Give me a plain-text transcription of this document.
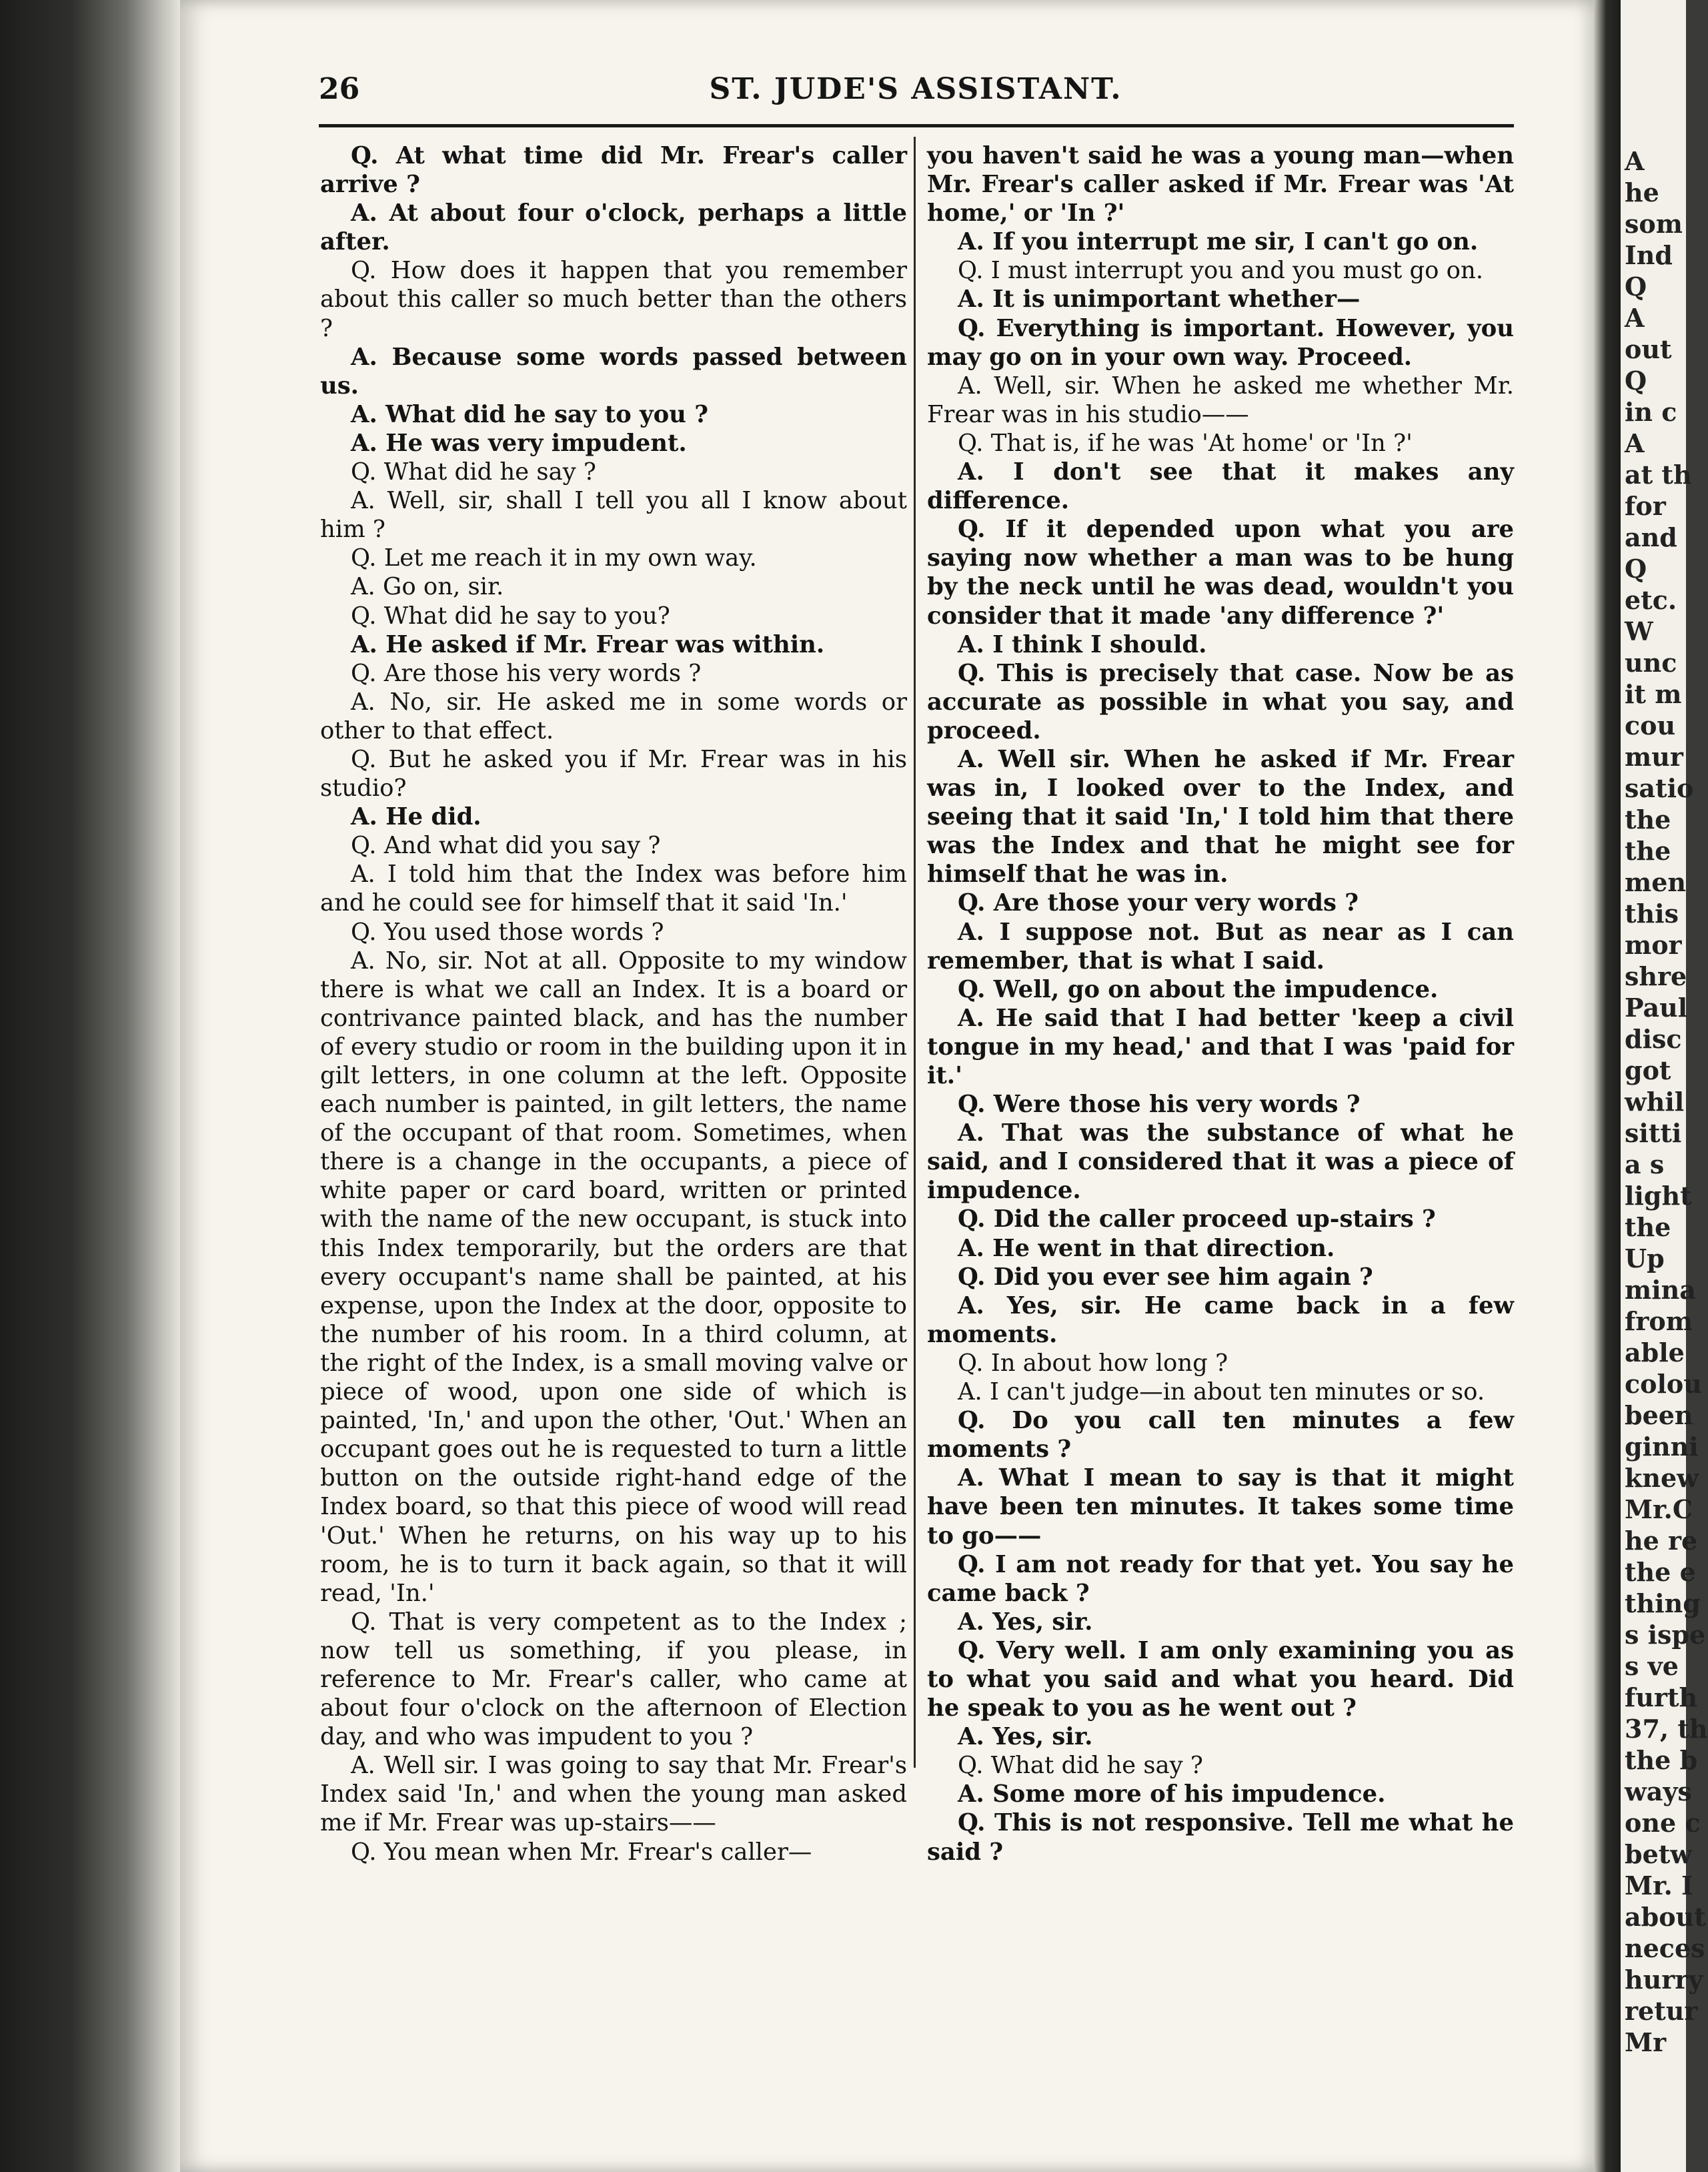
26	ST. JUDE'S ASSISTANT.

Q. At what time did Mr. Frear's caller arrive ?

A. At about four o'clock, perhaps a little after.

Q. How does it happen that you remember about this caller so much better than the others ?

A. Because some words passed between us.

A. What did he say to you ?

A. He was very impudent.

Q. What did he say ?

A. Well, sir, shall I tell you all I know about him ?

Q. Let me reach it in my own way.

A. Go on, sir.

Q. What did he say to you?

A. He asked if Mr. Frear was within.

Q. Are those his very words ?

A. No, sir. He asked me in some words or other to that effect.

Q. But he asked you if Mr. Frear was in his studio?

A. He did.

Q. And what did you say ?

A. I told him that the Index was before him and he could see for himself that it said 'In.'

Q. You used those words ?

A. No, sir. Not at all. Opposite to my window there is what we call an Index. It is a board or contrivance painted black, and has the number of every studio or room in the building upon it in gilt letters, in one column at the left. Opposite each number is painted, in gilt letters, the name of the occupant of that room. Sometimes, when there is a change in the occupants, a piece of white paper or card board, written or printed with the name of the new occupant, is stuck into this Index temporarily, but the orders are that every occupant's name shall be painted, at his expense, upon the Index at the door, opposite to the number of his room. In a third column, at the right of the Index, is a small moving valve or piece of wood, upon one side of which is painted, 'In,' and upon the other, 'Out.' When an occupant goes out he is requested to turn a little button on the outside right-hand edge of the Index board, so that this piece of wood will read 'Out.' When he returns, on his way up to his room, he is to turn it back again, so that it will read, 'In.'

Q. That is very competent as to the Index ; now tell us something, if you please, in reference to Mr. Frear's caller, who came at about four o'clock on the afternoon of Election day, and who was impudent to you ?

A. Well sir. I was going to say that Mr. Frear's Index said 'In,' and when the young man asked me if Mr. Frear was up-stairs——

Q. You mean when Mr. Frear's caller—

you haven't said he was a young man—when Mr. Frear's caller asked if Mr. Frear was 'At home,' or 'In ?'

A. If you interrupt me sir, I can't go on.

Q. I must interrupt you and you must go on.

A. It is unimportant whether—

Q. Everything is important. However, you may go on in your own way. Proceed.

A. Well, sir. When he asked me whether Mr. Frear was in his studio——

Q. That is, if he was 'At home' or 'In ?'

A. I don't see that it makes any difference.

Q. If it depended upon what you are saying now whether a man was to be hung by the neck until he was dead, wouldn't you consider that it made 'any difference ?'

A. I think I should.

Q. This is precisely that case. Now be as accurate as possible in what you say, and proceed.

A. Well sir. When he asked if Mr. Frear was in, I looked over to the Index, and seeing that it said 'In,' I told him that there was the Index and that he might see for himself that he was in.

Q. Are those your very words ?

A. I suppose not. But as near as I can remember, that is what I said.

Q. Well, go on about the impudence.

A. He said that I had better 'keep a civil tongue in my head,' and that I was 'paid for it.'

Q. Were those his very words ?

A. That was the substance of what he said, and I considered that it was a piece of impudence.

Q. Did the caller proceed up-stairs ?

A. He went in that direction.

Q. Did you ever see him again ?

A. Yes, sir. He came back in a few moments.

Q. In about how long ?

A. I can't judge—in about ten minutes or so.

Q. Do you call ten minutes a few moments ?

A. What I mean to say is that it might have been ten minutes. It takes some time to go——

Q. I am not ready for that yet. You say he came back ?

A. Yes, sir.

Q. Very well. I am only examining you as to what you said and what you heard. Did he speak to you as he went out ?

A. Yes, sir.

Q. What did he say ?

A. Some more of his impudence.

Q. This is not responsive. Tell me what he said ?

A
he
som
Ind
Q
A
out
Q
in c
A
at th
for
and
Q
etc.
W
unc
it m
cou
mur
satio
the
the
men
this
mor
shre
Paul
disc
got
whil
sitti
a s
light
the
Up
mina
from
able
colou
been
ginni
knew
Mr.C
he re
the e
thing
s ispe
s ve
furth
37, th
the b
ways
one c
betw
Mr. I
about
neces
hurry
retur
Mr
